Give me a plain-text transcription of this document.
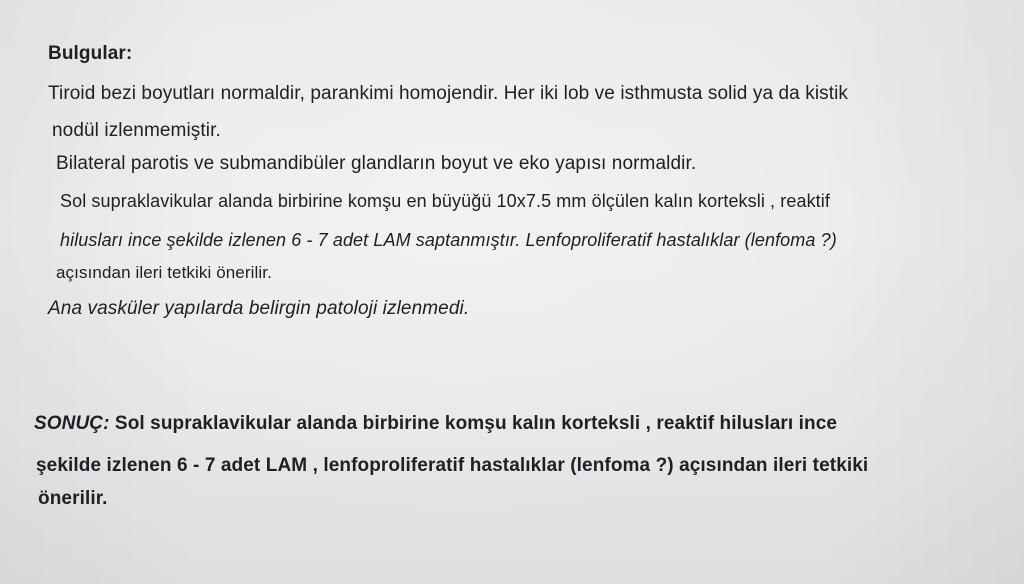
Bulgular:
Tiroid bezi boyutları normaldir, parankimi homojendir. Her iki lob ve isthmusta solid ya da kistik
nodül izlenmemiştir.
Bilateral parotis ve submandibüler glandların boyut ve eko yapısı normaldir.
Sol supraklavikular alanda birbirine komşu en büyüğü 10x7.5 mm ölçülen kalın korteksli , reaktif
hilusları ince şekilde izlenen 6 - 7 adet LAM saptanmıştır. Lenfoproliferatif hastalıklar (lenfoma ?)
açısından ileri tetkiki önerilir.
Ana vasküler yapılarda belirgin patoloji izlenmedi.
SONUÇ: Sol supraklavikular alanda birbirine komşu kalın korteksli , reaktif hilusları ince
şekilde izlenen 6 - 7 adet LAM , lenfoproliferatif hastalıklar (lenfoma ?) açısından ileri tetkiki
önerilir.
